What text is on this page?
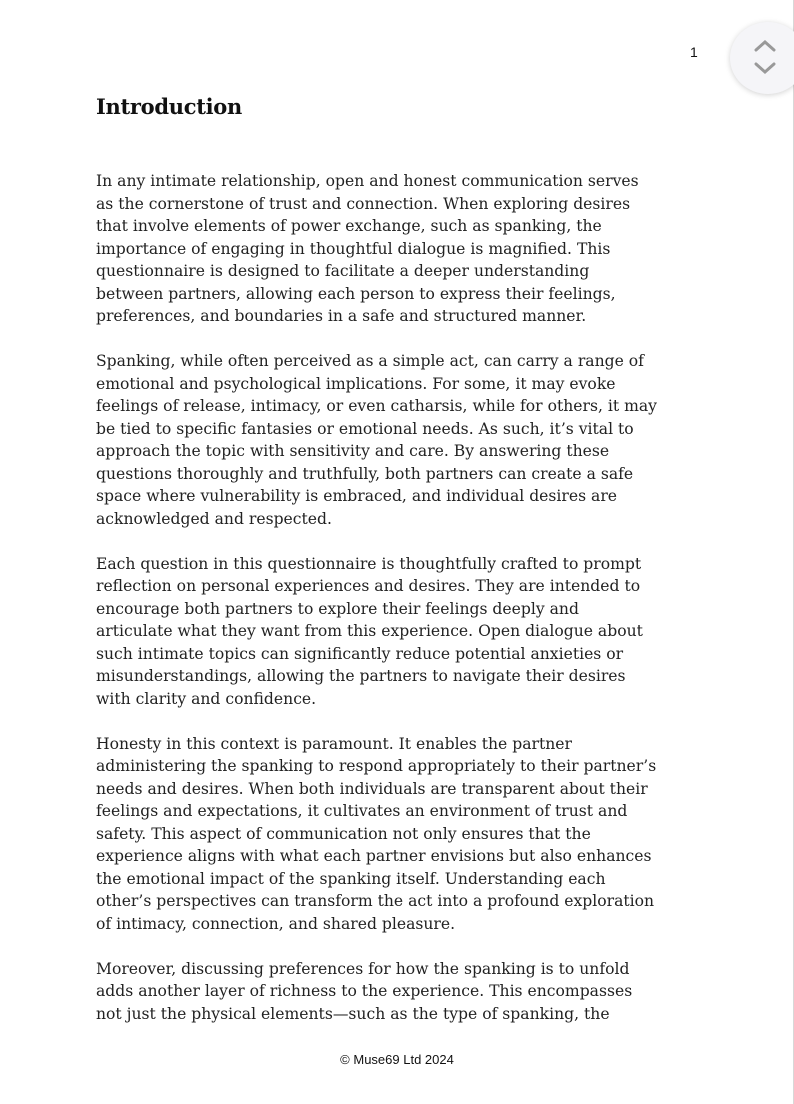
1
Introduction
In any intimate relationship, open and honest communication serves
as the cornerstone of trust and connection. When exploring desires
that involve elements of power exchange, such as spanking, the
importance of engaging in thoughtful dialogue is magnified. This
questionnaire is designed to facilitate a deeper understanding
between partners, allowing each person to express their feelings,
preferences, and boundaries in a safe and structured manner.
Spanking, while often perceived as a simple act, can carry a range of
emotional and psychological implications. For some, it may evoke
feelings of release, intimacy, or even catharsis, while for others, it may
be tied to specific fantasies or emotional needs. As such, it’s vital to
approach the topic with sensitivity and care. By answering these
questions thoroughly and truthfully, both partners can create a safe
space where vulnerability is embraced, and individual desires are
acknowledged and respected.
Each question in this questionnaire is thoughtfully crafted to prompt
reflection on personal experiences and desires. They are intended to
encourage both partners to explore their feelings deeply and
articulate what they want from this experience. Open dialogue about
such intimate topics can significantly reduce potential anxieties or
misunderstandings, allowing the partners to navigate their desires
with clarity and confidence.
Honesty in this context is paramount. It enables the partner
administering the spanking to respond appropriately to their partner’s
needs and desires. When both individuals are transparent about their
feelings and expectations, it cultivates an environment of trust and
safety. This aspect of communication not only ensures that the
experience aligns with what each partner envisions but also enhances
the emotional impact of the spanking itself. Understanding each
other’s perspectives can transform the act into a profound exploration
of intimacy, connection, and shared pleasure.
Moreover, discussing preferences for how the spanking is to unfold
adds another layer of richness to the experience. This encompasses
not just the physical elements—such as the type of spanking, the
© Muse69 Ltd 2024
